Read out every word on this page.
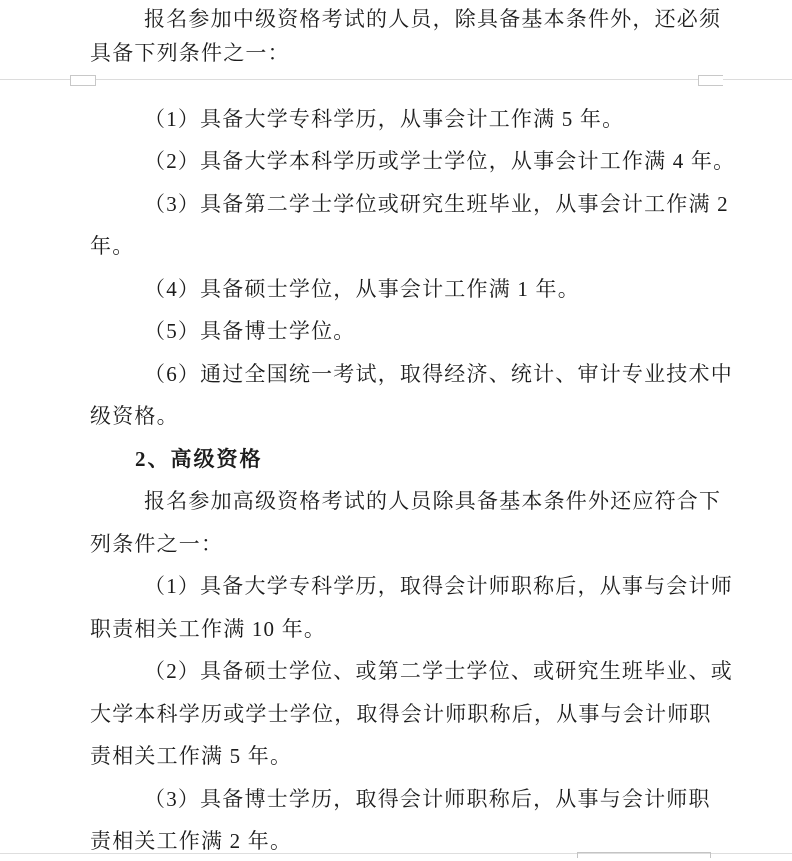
报名参加中级资格考试的人员，除具备基本条件外，还必须
具备下列条件之一：
（1）具备大学专科学历，从事会计工作满 5 年。
（2）具备大学本科学历或学士学位，从事会计工作满 4 年。
（3）具备第二学士学位或研究生班毕业，从事会计工作满 2
年。
（4）具备硕士学位，从事会计工作满 1 年。
（5）具备博士学位。
（6）通过全国统一考试，取得经济、统计、审计专业技术中
级资格。
2、高级资格
报名参加高级资格考试的人员除具备基本条件外还应符合下
列条件之一：
（1）具备大学专科学历，取得会计师职称后，从事与会计师
职责相关工作满 10 年。
（2）具备硕士学位、或第二学士学位、或研究生班毕业、或
大学本科学历或学士学位，取得会计师职称后，从事与会计师职
责相关工作满 5 年。
（3）具备博士学历，取得会计师职称后，从事与会计师职
责相关工作满 2 年。
